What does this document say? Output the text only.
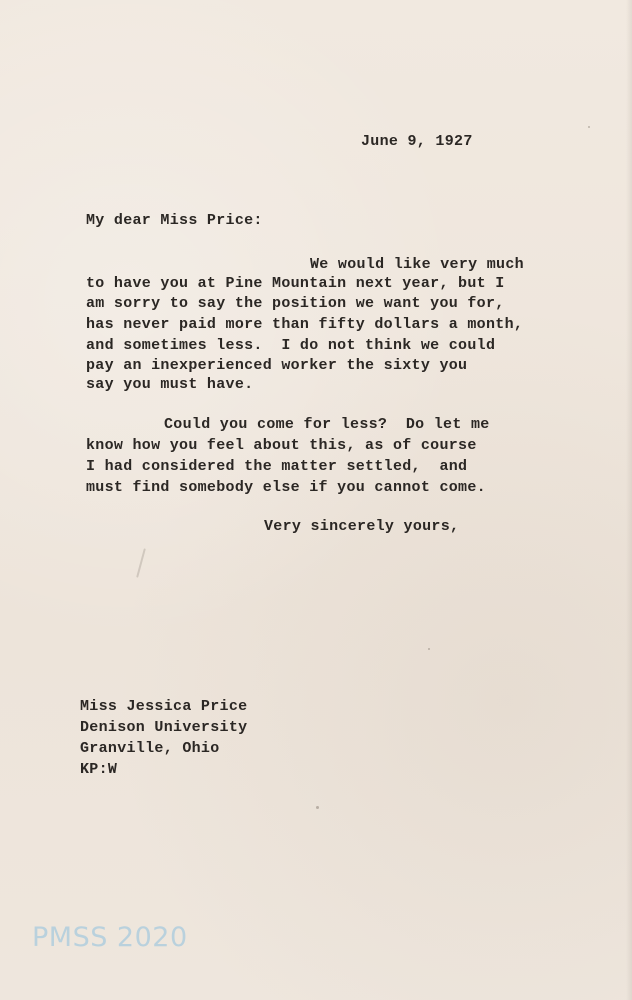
June 9, 1927
My dear Miss Price:
We would like very much
to have you at Pine Mountain next year, but I
am sorry to say the position we want you for,
has never paid more than fifty dollars a month,
and sometimes less.  I do not think we could
pay an inexperienced worker the sixty you
say you must have.
Could you come for less?  Do let me
know how you feel about this, as of course
I had considered the matter settled,  and
must find somebody else if you cannot come.
Very sincerely yours,
Miss Jessica Price
Denison University
Granville, Ohio
KP:W
PMSS 2020
